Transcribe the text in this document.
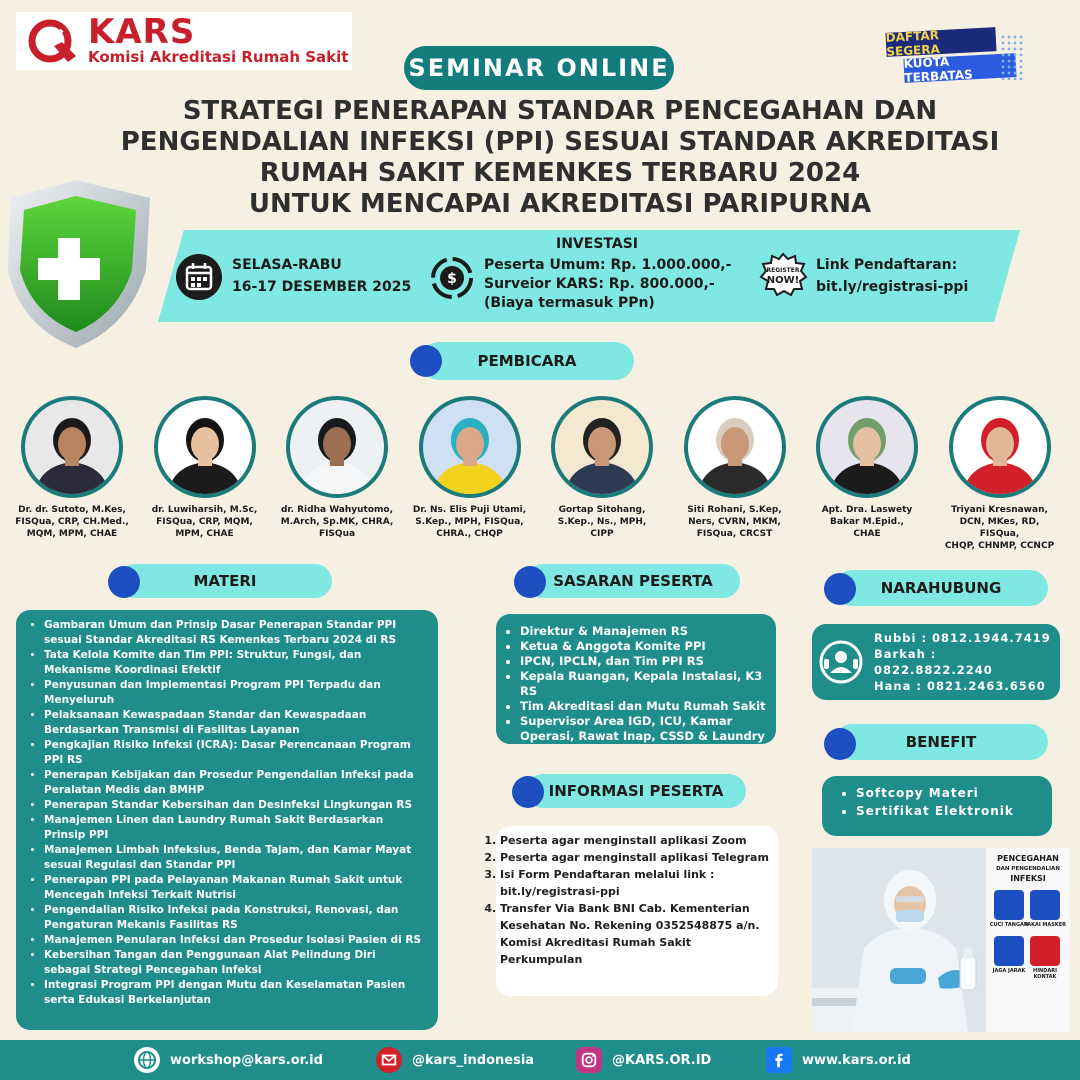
KARS
Komisi Akreditasi Rumah Sakit SEMINAR ONLINE
DAFTAR SEGERA
KUOTA TERBATAS
STRATEGI PENERAPAN STANDAR PENCEGAHAN DAN
PENGENDALIAN INFEKSI (PPI) SESUAI STANDAR AKREDITASI
RUMAH SAKIT KEMENKES TERBARU 2024
UNTUK MENCAPAI AKREDITASI PARIPURNA
SELASA-RABU
16-17 DESEMBER 2025
INVESTASI
$
Peserta Umum: Rp. 1.000.000,-
Surveior KARS: Rp. 800.000,-
(Biaya termasuk PPn)
REGISTER
NOW!
Link Pendaftaran:
bit.ly/registrasi-ppi
PEMBICARA
Dr. dr. Sutoto, M.Kes,
FISQua, CRP, CH.Med.,
MQM, MPM, CHAE
dr. Luwiharsih, M.Sc,
FISQua, CRP, MQM,
MPM, CHAE
dr. Ridha Wahyutomo,
M.Arch, Sp.MK, CHRA,
FISQua
Dr. Ns. Elis Puji Utami,
S.Kep., MPH, FISQua,
CHRA., CHQP
Gortap Sitohang,
S.Kep., Ns., MPH,
CIPP
Siti Rohani, S.Kep,
Ners, CVRN, MKM,
FISQua, CRCST
Apt. Dra. Laswety
Bakar M.Epid.,
CHAE
Triyani Kresnawan,
DCN, MKes, RD, FISQua,
CHQP, CHNMP, CCNCP
MATERI
• Gambaran Umum dan Prinsip Dasar Penerapan Standar PPI sesuai Standar Akreditasi RS Kemenkes Terbaru 2024 di RS
• Tata Kelola Komite dan Tim PPI: Struktur, Fungsi, dan Mekanisme Koordinasi Efektif
• Penyusunan dan Implementasi Program PPI Terpadu dan Menyeluruh
• Pelaksanaan Kewaspadaan Standar dan Kewaspadaan Berdasarkan Transmisi di Fasilitas Layanan
• Pengkajian Risiko Infeksi (ICRA): Dasar Perencanaan Program PPI RS
• Penerapan Kebijakan dan Prosedur Pengendalian Infeksi pada Peralatan Medis dan BMHP
• Penerapan Standar Kebersihan dan Desinfeksi Lingkungan RS
• Manajemen Linen dan Laundry Rumah Sakit Berdasarkan Prinsip PPI
• Manajemen Limbah Infeksius, Benda Tajam, dan Kamar Mayat sesuai Regulasi dan Standar PPI
• Penerapan PPI pada Pelayanan Makanan Rumah Sakit untuk Mencegah Infeksi Terkait Nutrisi
• Pengendalian Risiko Infeksi pada Konstruksi, Renovasi, dan Pengaturan Mekanis Fasilitas RS
• Manajemen Penularan Infeksi dan Prosedur Isolasi Pasien di RS
• Kebersihan Tangan dan Penggunaan Alat Pelindung Diri sebagai Strategi Pencegahan Infeksi
• Integrasi Program PPI dengan Mutu dan Keselamatan Pasien serta Edukasi Berkelanjutan
SASARAN PESERTA
• Direktur & Manajemen RS
• Ketua & Anggota Komite PPI
• IPCN, IPCLN, dan Tim PPI RS
• Kepala Ruangan, Kepala Instalasi, K3 RS
• Tim Akreditasi dan Mutu Rumah Sakit
• Supervisor Area IGD, ICU, Kamar Operasi, Rawat Inap, CSSD & Laundry
INFORMASI PESERTA
1. Peserta agar menginstall aplikasi Zoom
2. Peserta agar menginstall aplikasi Telegram
3. Isi Form Pendaftaran melalui link : bit.ly/registrasi-ppi
4. Transfer Via Bank BNI Cab. Kementerian Kesehatan No. Rekening 0352548875 a/n. Komisi Akreditasi Rumah Sakit Perkumpulan
NARAHUBUNG
Rubbi : 0812.1944.7419
Barkah : 0822.8822.2240
Hana : 0821.2463.6560
BENEFIT
• Softcopy Materi
• Sertifikat Elektronik
PENCEGAHAN
DAN PENGENDALIAN
INFEKSI
CUCI TANGAN
PAKAI MASKER
JAGA JARAK	HINDARI KONTAK
workshop@kars.or.id	@kars_indonesia	@KARS.OR.ID	www.kars.or.id
